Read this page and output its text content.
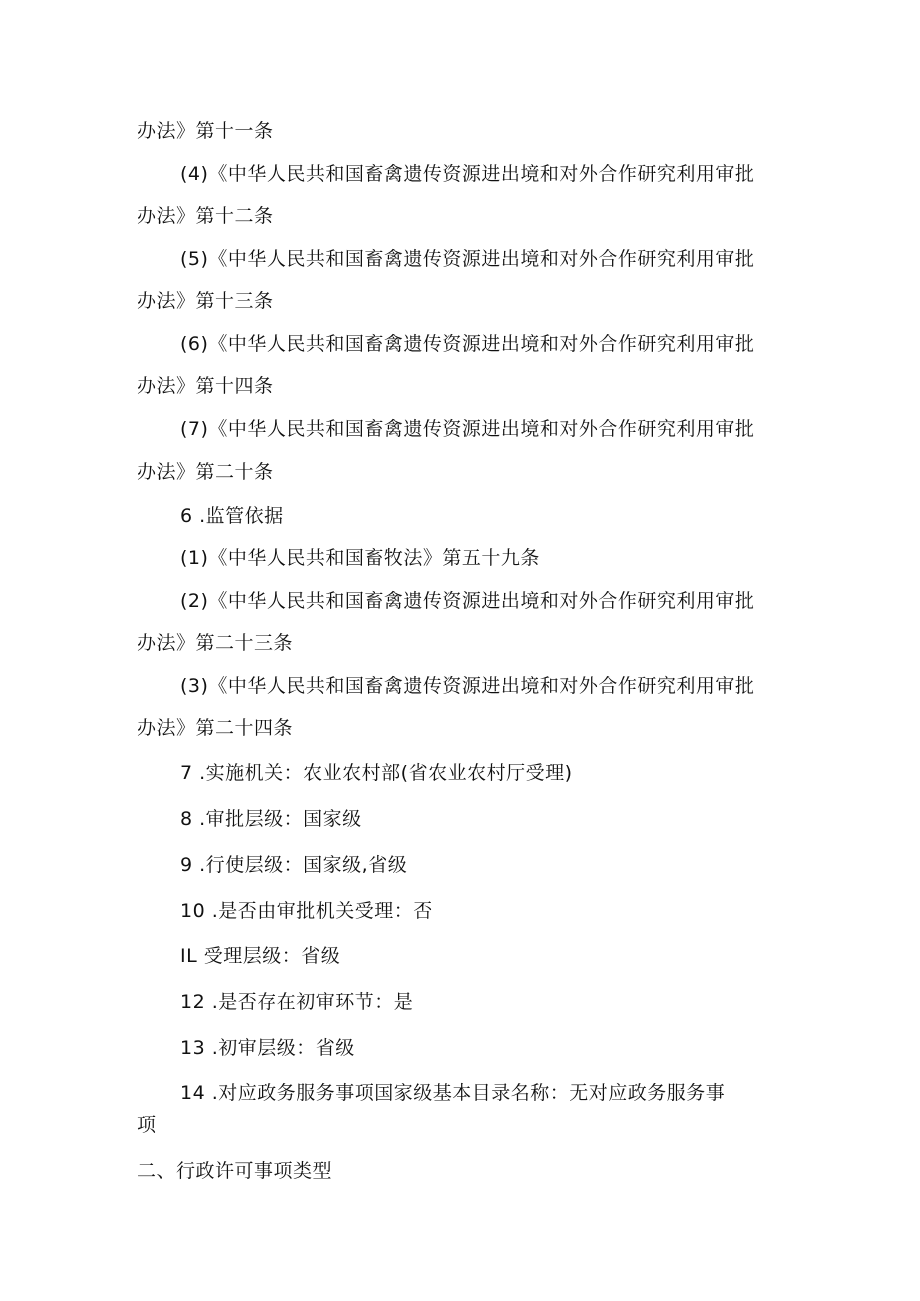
办法》第十一条
(4)《中华人民共和国畜禽遗传资源进出境和对外合作研究利用审批
办法》第十二条
(5)《中华人民共和国畜禽遗传资源进出境和对外合作研究利用审批
办法》第十三条
(6)《中华人民共和国畜禽遗传资源进出境和对外合作研究利用审批
办法》第十四条
(7)《中华人民共和国畜禽遗传资源进出境和对外合作研究利用审批
办法》第二十条
6 .监管依据
(1)《中华人民共和国畜牧法》第五十九条
(2)《中华人民共和国畜禽遗传资源进出境和对外合作研究利用审批
办法》第二十三条
(3)《中华人民共和国畜禽遗传资源进出境和对外合作研究利用审批
办法》第二十四条
7 .实施机关：农业农村部(省农业农村厅受理)
8 .审批层级：国家级
9 .行使层级：国家级,省级
10 .是否由审批机关受理：否
IL 受理层级：省级
12 .是否存在初审环节：是
13 .初审层级：省级
14 .对应政务服务事项国家级基本目录名称：无对应政务服务事
项
二、行政许可事项类型
